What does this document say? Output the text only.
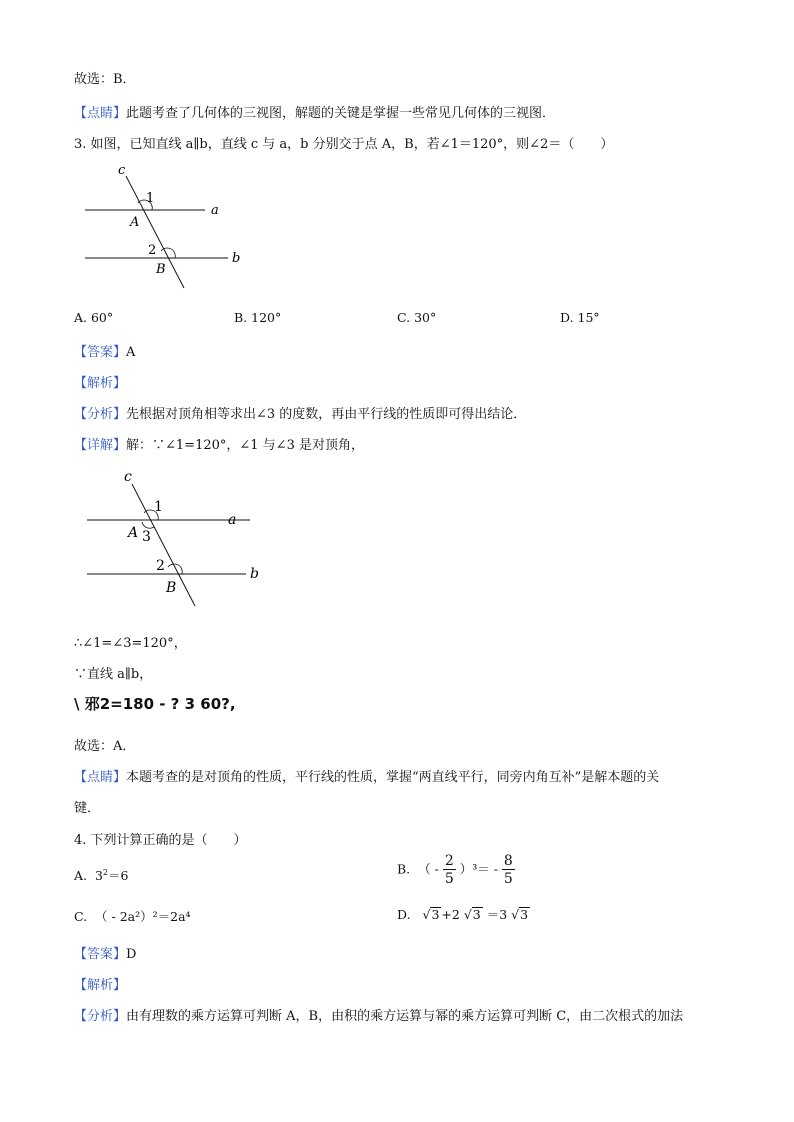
故选：B．
【点睛】此题考查了几何体的三视图，解题的关键是掌握一些常见几何体的三视图．
3. 如图，已知直线 a∥b，直线 c 与 a，b 分别交于点 A，B，若∠1＝120°，则∠2＝（　　）
c
1
a
A
2
b
B
A. 60°	B. 120°	C. 30°	D. 15°
【答案】A
【解析】
【分析】先根据对顶角相等求出∠3 的度数，再由平行线的性质即可得出结论．
【详解】解：∵∠1=120°，∠1 与∠3 是对顶角，
c
1
a
A 3
2	b
B
∴∠1=∠3=120°，
∵直线 a∥b，
\ 邪2=180 - ? 3 60?,
故选：A．
【点睛】本题考查的是对顶角的性质，平行线的性质，掌握“两直线平行，同旁内角互补”是解本题的关
键．
4. 下列计算正确的是（　　）
A. $3^2=6$	B. （ - $\frac{2}{5} )^3= - \frac{8}{5}$
C. （ - 2a²）²＝2a⁴	D. √3 +2 √3 ＝3 √3
【答案】D
【解析】
【分析】由有理数的乘方运算可判断 A，B，由积的乘方运算与幂的乘方运算可判断 C，由二次根式的加法
